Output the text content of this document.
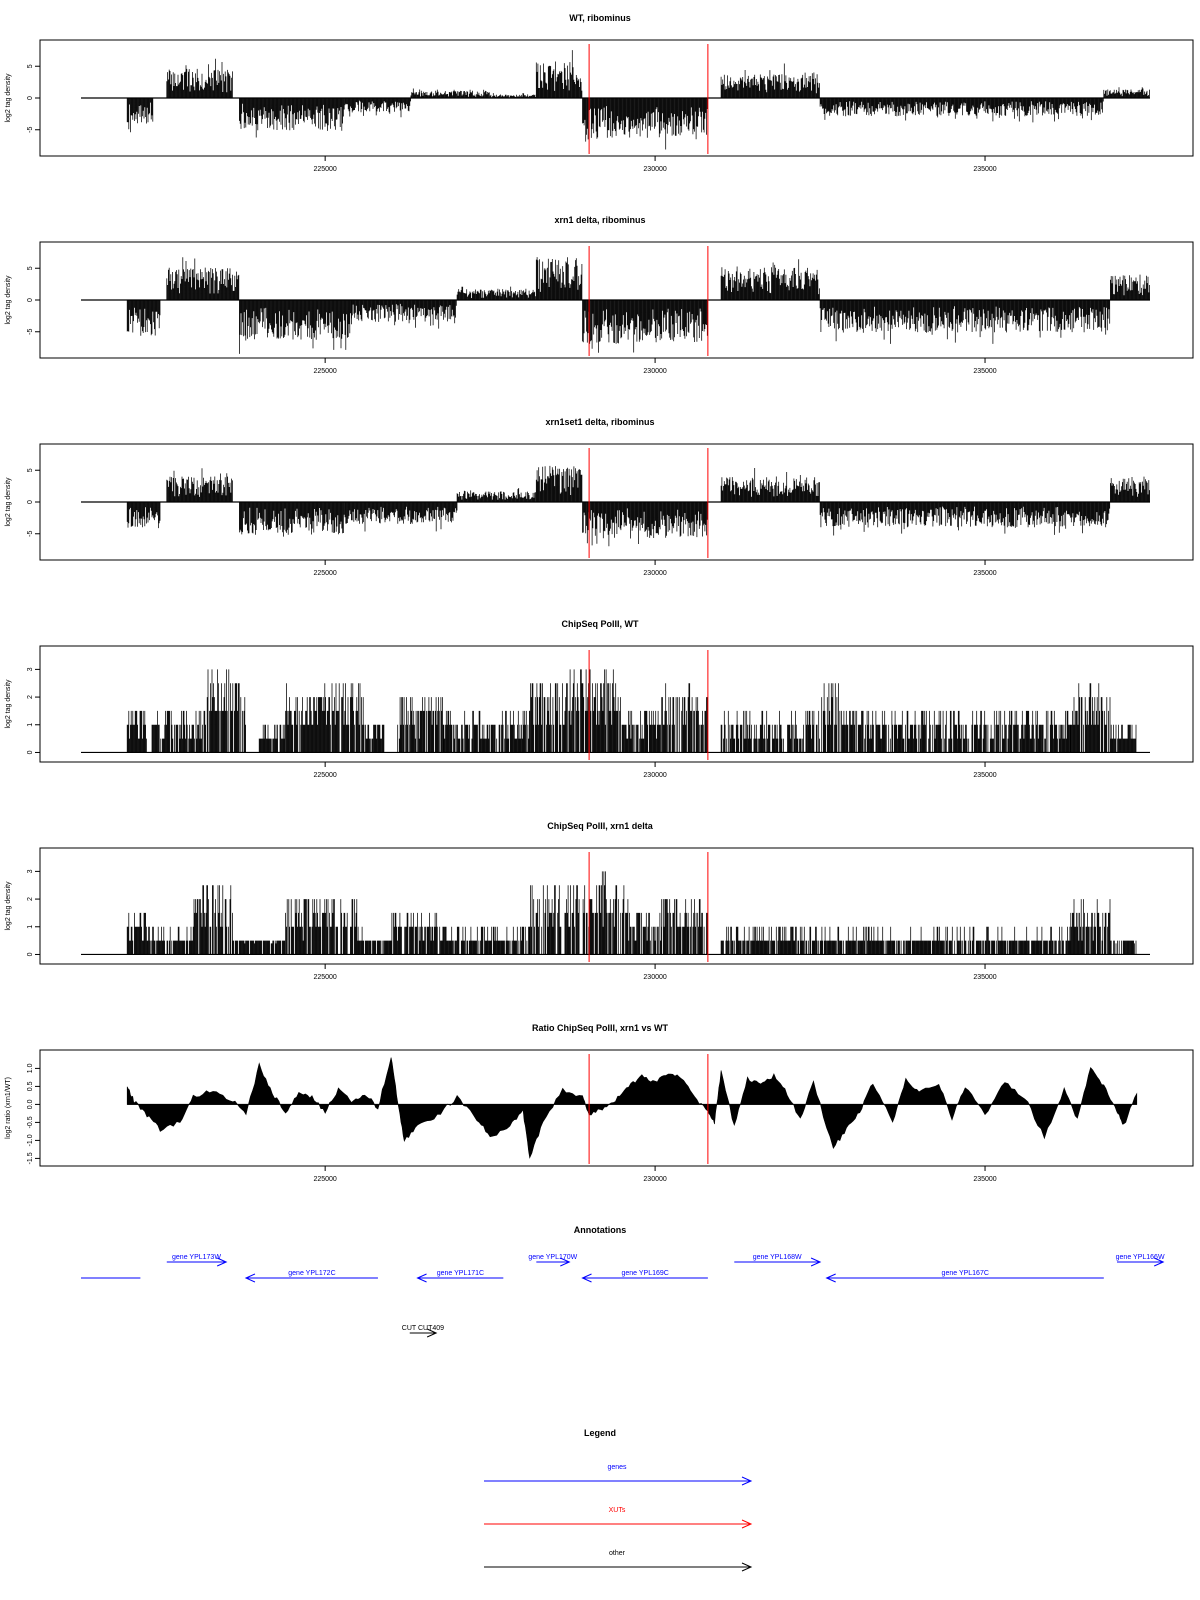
WT, ribominus
log2 tag density
-5
0
5
225000	230000	235000
xrn1 delta, ribominus
log2 tag density
-5
0
5
225000	230000	235000
xrn1set1 delta, ribominus
log2 tag density
-5
0
5
225000	230000	235000
ChipSeq PolII, WT
log2 tag density
0
1
2
3
225000	230000	235000
ChipSeq PolII, xrn1 delta
log2 tag density
0
1
2
3
225000	230000	235000
Ratio ChipSeq PolII, xrn1 vs WT
log2 ratio (xrn1/WT)
-1.5
-1.0
-0.5
0.0
0.5
1.0
225000	230000	235000
Annotations
gene YPL173W
gene YPL172C	gene YPL171C
gene YPL170W
gene YPL169C
gene YPL168W
gene YPL167C
gene YPL166W
CUT CUT409
Legend
genes
XUTs
other
